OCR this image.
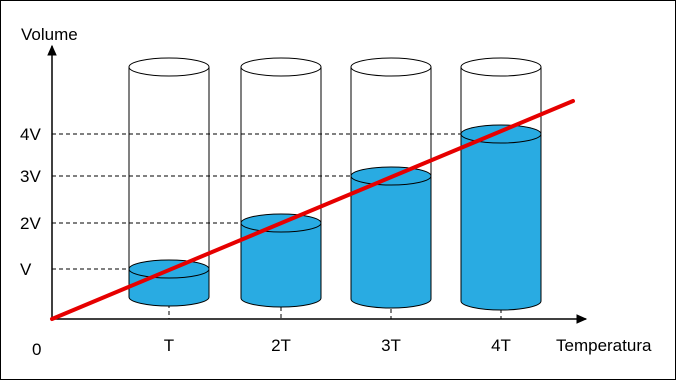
Volume
Temperatura
0	T	2T	3T	4T
V
2V
3V
4V
